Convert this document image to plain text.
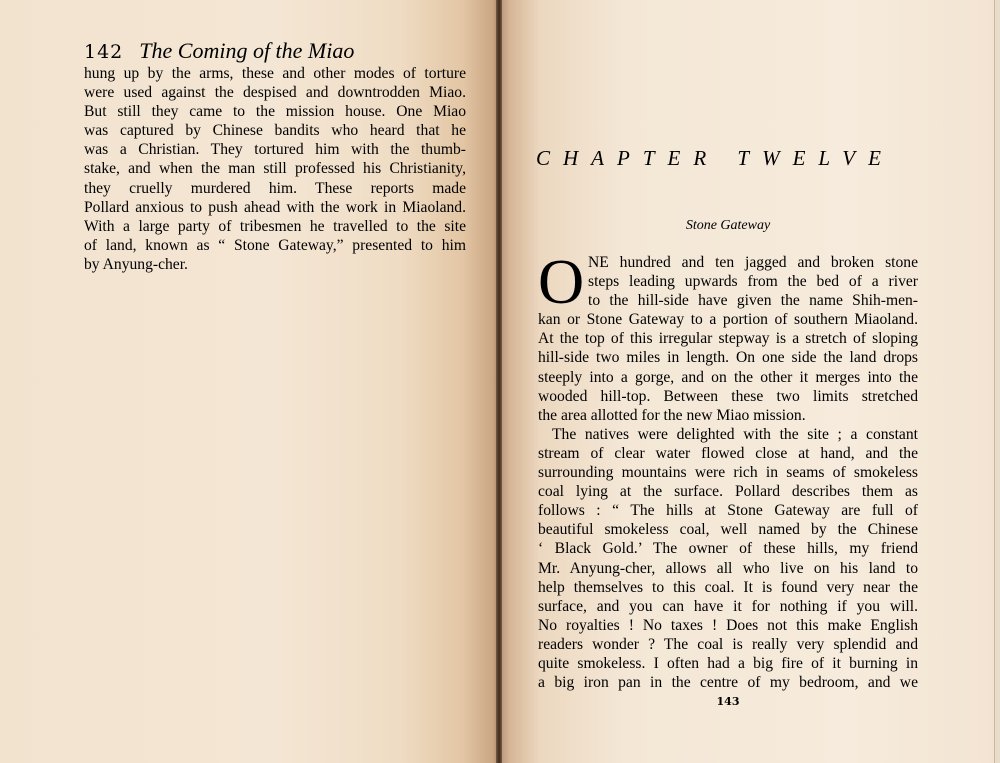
142 The Coming of the Miao
hung up by the arms, these and other modes of torture
were used against the despised and downtrodden Miao.
But still they came to the mission house. One Miao
was captured by Chinese bandits who heard that he
was a Christian. They tortured him with the thumb-
stake, and when the man still professed his Christianity,
they cruelly murdered him. These reports made
Pollard anxious to push ahead with the work in Miaoland.
With a large party of tribesmen he travelled to the site
of land, known as “ Stone Gateway,” presented to him
by Anyung-cher.
CHAPTER TWELVE
Stone Gateway
O NE hundred and ten jagged and broken stone
steps leading upwards from the bed of a river
to the hill-side have given the name Shih-men-
kan or Stone Gateway to a portion of southern Miaoland.
At the top of this irregular stepway is a stretch of sloping
hill-side two miles in length. On one side the land drops
steeply into a gorge, and on the other it merges into the
wooded hill-top. Between these two limits stretched
the area allotted for the new Miao mission.
The natives were delighted with the site ; a constant
stream of clear water flowed close at hand, and the
surrounding mountains were rich in seams of smokeless
coal lying at the surface. Pollard describes them as
follows : “ The hills at Stone Gateway are full of
beautiful smokeless coal, well named by the Chinese
‘ Black Gold.’ The owner of these hills, my friend
Mr. Anyung-cher, allows all who live on his land to
help themselves to this coal. It is found very near the
surface, and you can have it for nothing if you will.
No royalties ! No taxes ! Does not this make English
readers wonder ? The coal is really very splendid and
quite smokeless. I often had a big fire of it burning in
a big iron pan in the centre of my bedroom, and we
143
